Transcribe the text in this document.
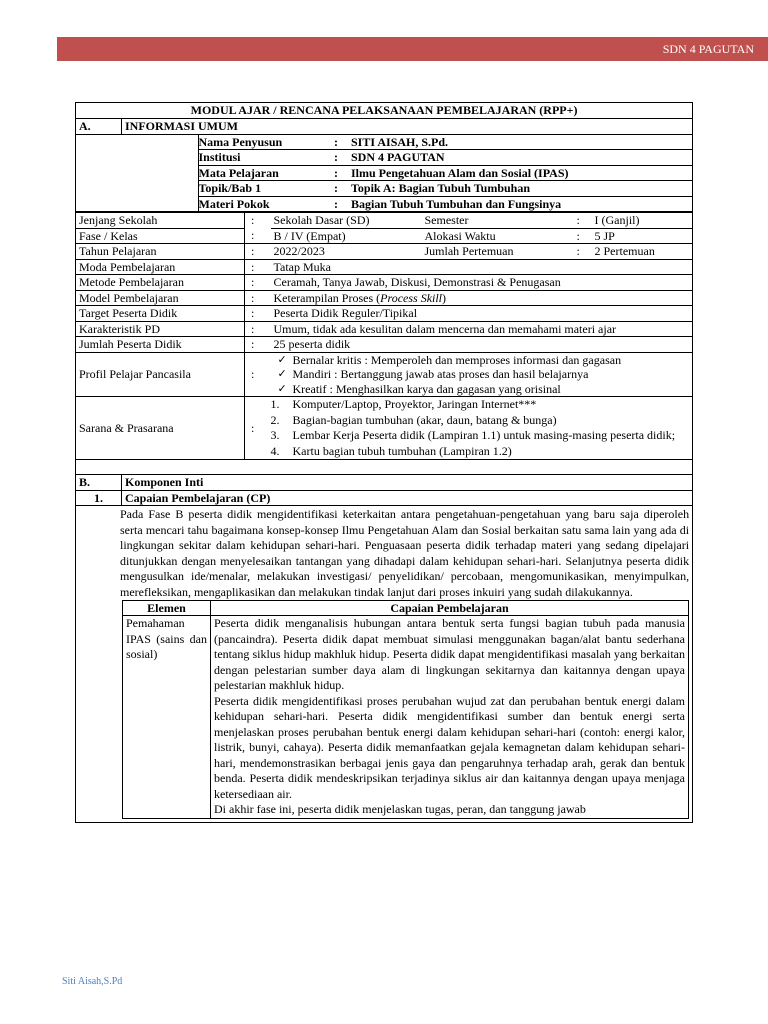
SDN 4 PAGUTAN
MODUL AJAR / RENCANA PELAKSANAAN PEMBELAJARAN (RPP+)
A.	INFORMASI UMUM

	Nama Penyusun	:	SITI AISAH, S.Pd.
	Institusi	:	SDN 4 PAGUTAN
	Mata Pelajaran	:	Ilmu Pengetahuan Alam dan Sosial (IPAS)
	Topik/Bab 1	:	Topik A: Bagian Tubuh Tumbuhan
	Materi Pokok	:	Bagian Tubuh Tumbuhan dan Fungsinya

Jenjang Sekolah	:	Sekolah Dasar (SD)	Semester	:	I (Ganjil)
Fase / Kelas	:	B / IV (Empat)	Alokasi Waktu	:	5 JP
Tahun Pelajaran	:	2022/2023	Jumlah Pertemuan	:	2 Pertemuan
Moda Pembelajaran	:	Tatap Muka
Metode Pembelajaran	:	Ceramah, Tanya Jawab, Diskusi, Demonstrasi & Penugasan
Model Pembelajaran	:	Keterampilan Proses (Process Skill)
Target Peserta Didik	:	Peserta Didik Reguler/Tipikal
Karakteristik PD	:	Umum, tidak ada kesulitan dalam mencerna dan memahami materi ajar
Jumlah Peserta Didik	:	25 peserta didik
Profil Pelajar Pancasila	:	
✓ Bernalar kritis : Memperoleh dan memproses informasi dan gagasan
✓ Mandiri : Bertanggung jawab atas proses dan hasil belajarnya
✓ Kreatif : Menghasilkan karya dan gagasan yang orisinal

Sarana & Prasarana	:	
1.	Komputer/Laptop, Proyektor, Jaringan Internet***
2.	Bagian-bagian tumbuhan (akar, daun, batang & bunga)
3.	Lembar Kerja Peserta didik (Lampiran 1.1) untuk masing-masing peserta didik;
4.	Kartu bagian tubuh tumbuhan (Lampiran 1.2)

B.	Komponen Inti
1.	Capaian Pembelajaran (CP)

Pada Fase B peserta didik mengidentifikasi keterkaitan antara pengetahuan-pengetahuan yang baru saja diperoleh serta mencari tahu bagaimana konsep-konsep Ilmu Pengetahuan Alam dan Sosial berkaitan satu sama lain yang ada di lingkungan sekitar dalam kehidupan sehari-hari. Penguasaan peserta didik terhadap materi yang sedang dipelajari ditunjukkan dengan menyelesaikan tantangan yang dihadapi dalam kehidupan sehari-hari. Selanjutnya peserta didik mengusulkan ide/menalar, melakukan investigasi/ penyelidikan/ percobaan, mengomunikasikan, menyimpulkan, merefleksikan, mengaplikasikan dan melakukan tindak lanjut dari proses inkuiri yang sudah dilakukannya.
Elemen	Capaian Pembelajaran
Pemahaman IPAS (sains dan sosial)	
Peserta didik menganalisis hubungan antara bentuk serta fungsi bagian tubuh pada manusia (pancaindra). Peserta didik dapat membuat simulasi menggunakan bagan/alat bantu sederhana tentang siklus hidup makhluk hidup. Peserta didik dapat mengidentifikasi masalah yang berkaitan dengan pelestarian sumber daya alam di lingkungan sekitarnya dan kaitannya dengan upaya pelestarian makhluk hidup.
Peserta didik mengidentifikasi proses perubahan wujud zat dan perubahan bentuk energi dalam kehidupan sehari-hari. Peserta didik mengidentifikasi sumber dan bentuk energi serta menjelaskan proses perubahan bentuk energi dalam kehidupan sehari-hari (contoh: energi kalor, listrik, bunyi, cahaya). Peserta didik memanfaatkan gejala kemagnetan dalam kehidupan sehari-hari, mendemonstrasikan berbagai jenis gaya dan pengaruhnya terhadap arah, gerak dan bentuk benda. Peserta didik mendeskripsikan terjadinya siklus air dan kaitannya dengan upaya menjaga ketersediaan air.
Di akhir fase ini, peserta didik menjelaskan tugas, peran, dan tanggung jawab
Siti Aisah,S.Pd
